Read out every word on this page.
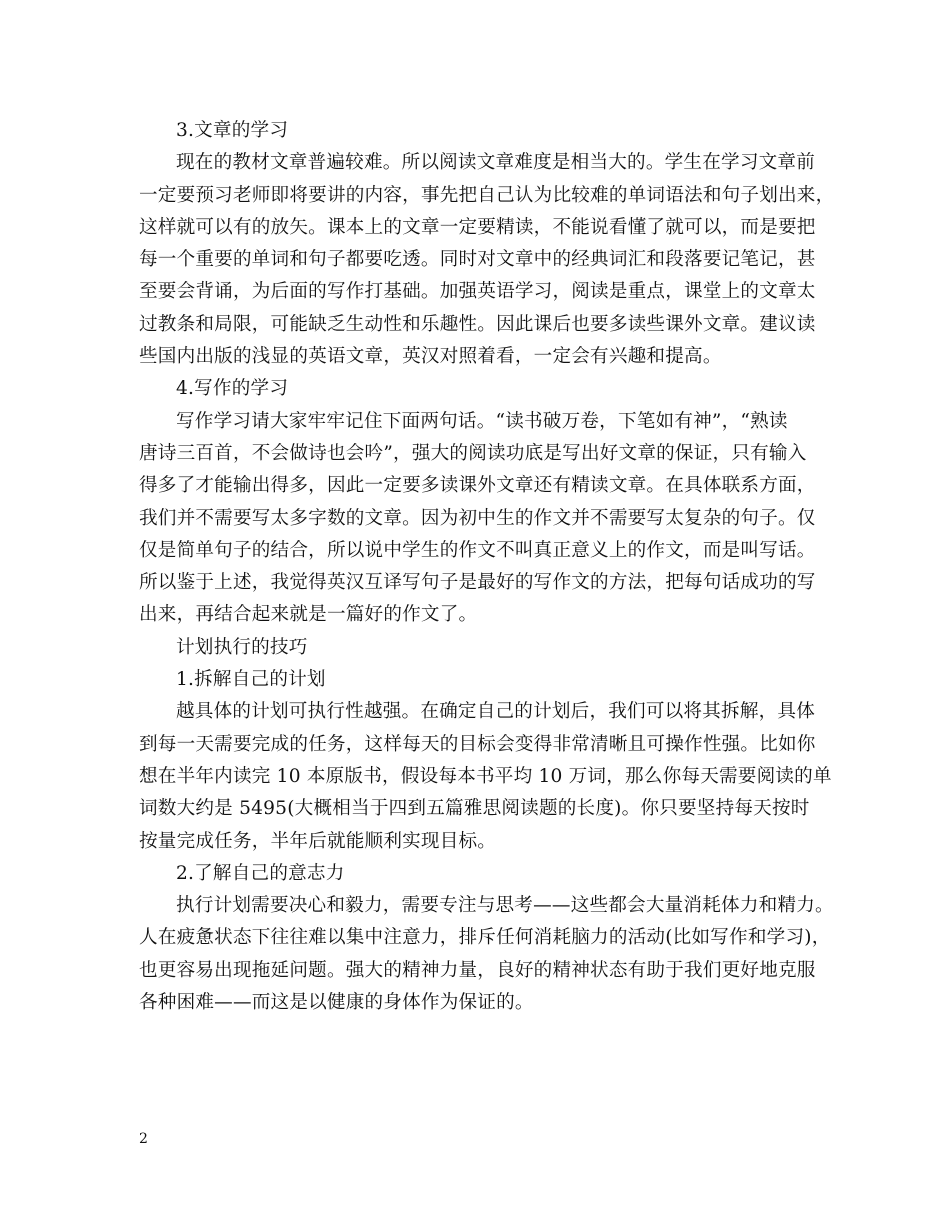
3.文章的学习
现在的教材文章普遍较难。所以阅读文章难度是相当大的。学生在学习文章前
一定要预习老师即将要讲的内容，事先把自己认为比较难的单词语法和句子划出来，
这样就可以有的放矢。课本上的文章一定要精读，不能说看懂了就可以，而是要把
每一个重要的单词和句子都要吃透。同时对文章中的经典词汇和段落要记笔记，甚
至要会背诵，为后面的写作打基础。加强英语学习，阅读是重点，课堂上的文章太
过教条和局限，可能缺乏生动性和乐趣性。因此课后也要多读些课外文章。建议读
些国内出版的浅显的英语文章，英汉对照着看，一定会有兴趣和提高。
4.写作的学习
写作学习请大家牢牢记住下面两句话。“读书破万卷，下笔如有神”，“熟读
唐诗三百首，不会做诗也会吟”，强大的阅读功底是写出好文章的保证，只有输入
得多了才能输出得多，因此一定要多读课外文章还有精读文章。在具体联系方面，
我们并不需要写太多字数的文章。因为初中生的作文并不需要写太复杂的句子。仅
仅是简单句子的结合，所以说中学生的作文不叫真正意义上的作文，而是叫写话。
所以鉴于上述，我觉得英汉互译写句子是最好的写作文的方法，把每句话成功的写
出来，再结合起来就是一篇好的作文了。
计划执行的技巧
1.拆解自己的计划
越具体的计划可执行性越强。在确定自己的计划后，我们可以将其拆解，具体
到每一天需要完成的任务，这样每天的目标会变得非常清晰且可操作性强。比如你
想在半年内读完 10 本原版书，假设每本书平均 10 万词，那么你每天需要阅读的单
词数大约是 5495(大概相当于四到五篇雅思阅读题的长度)。你只要坚持每天按时
按量完成任务，半年后就能顺利实现目标。
2.了解自己的意志力
执行计划需要决心和毅力，需要专注与思考——这些都会大量消耗体力和精力。
人在疲惫状态下往往难以集中注意力，排斥任何消耗脑力的活动(比如写作和学习)，
也更容易出现拖延问题。强大的精神力量，良好的精神状态有助于我们更好地克服
各种困难——而这是以健康的身体作为保证的。
2
